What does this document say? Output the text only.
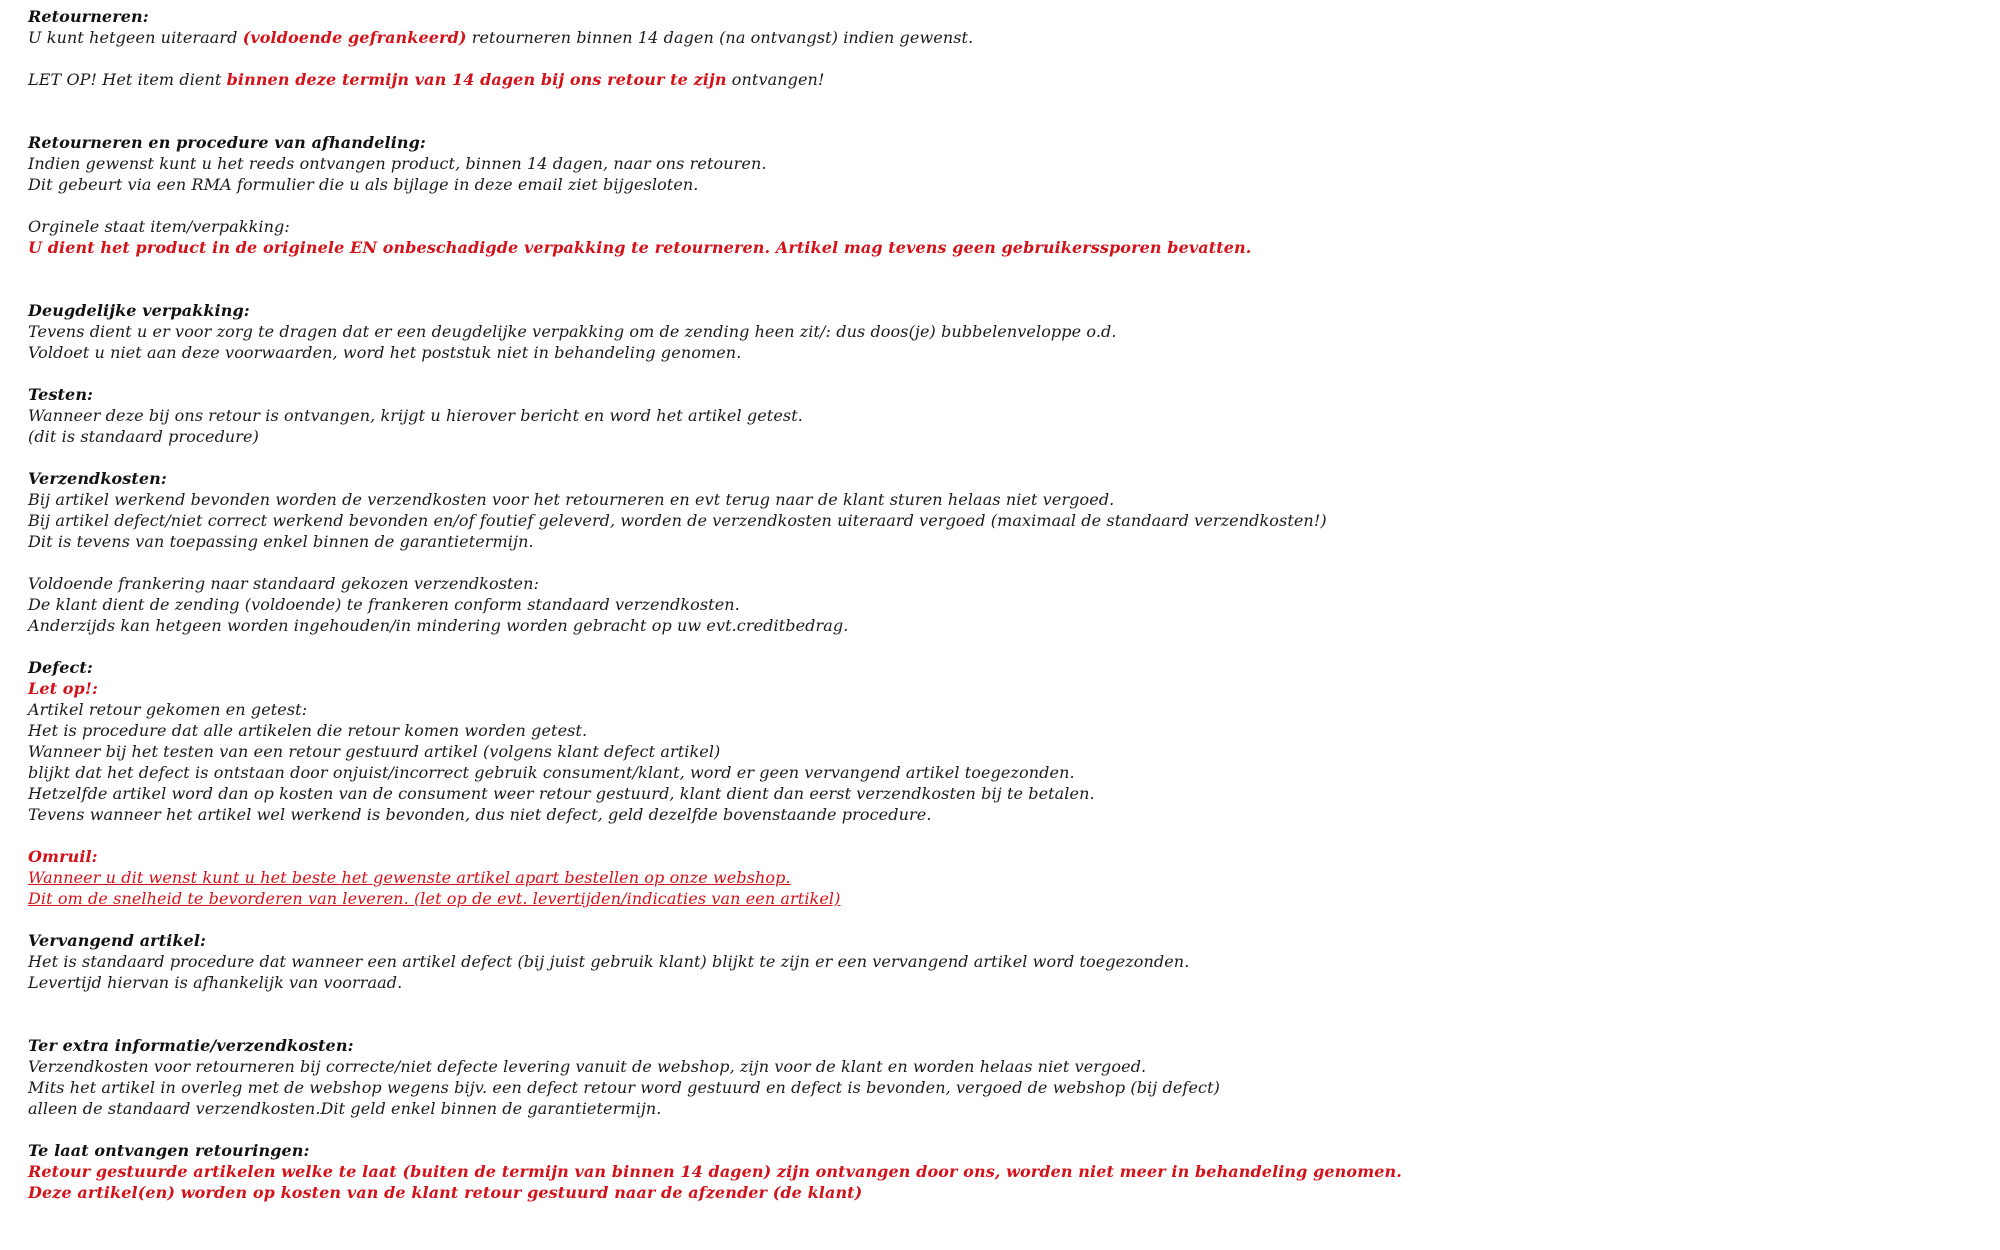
Retourneren:
U kunt hetgeen uiteraard (voldoende gefrankeerd) retourneren binnen 14 dagen (na ontvangst) indien gewenst.
LET OP! Het item dient binnen deze termijn van 14 dagen bij ons retour te zijn ontvangen!
Retourneren en procedure van afhandeling:
Indien gewenst kunt u het reeds ontvangen product, binnen 14 dagen, naar ons retouren.
Dit gebeurt via een RMA formulier die u als bijlage in deze email ziet bijgesloten.
Orginele staat item/verpakking:
U dient het product in de originele EN onbeschadigde verpakking te retourneren. Artikel mag tevens geen gebruikerssporen bevatten.
Deugdelijke verpakking:
Tevens dient u er voor zorg te dragen dat er een deugdelijke verpakking om de zending heen zit/: dus doos(je) bubbelenveloppe o.d.
Voldoet u niet aan deze voorwaarden, word het poststuk niet in behandeling genomen.
Testen:
Wanneer deze bij ons retour is ontvangen, krijgt u hierover bericht en word het artikel getest.
(dit is standaard procedure)
Verzendkosten:
Bij artikel werkend bevonden worden de verzendkosten voor het retourneren en evt terug naar de klant sturen helaas niet vergoed.
Bij artikel defect/niet correct werkend bevonden en/of foutief geleverd, worden de verzendkosten uiteraard vergoed (maximaal de standaard verzendkosten!)
Dit is tevens van toepassing enkel binnen de garantietermijn.
Voldoende frankering naar standaard gekozen verzendkosten:
De klant dient de zending (voldoende) te frankeren conform standaard verzendkosten.
Anderzijds kan hetgeen worden ingehouden/in mindering worden gebracht op uw evt.creditbedrag.
Defect:
Let op!:
Artikel retour gekomen en getest:
Het is procedure dat alle artikelen die retour komen worden getest.
Wanneer bij het testen van een retour gestuurd artikel (volgens klant defect artikel)
blijkt dat het defect is ontstaan door onjuist/incorrect gebruik consument/klant, word er geen vervangend artikel toegezonden.
Hetzelfde artikel word dan op kosten van de consument weer retour gestuurd, klant dient dan eerst verzendkosten bij te betalen.
Tevens wanneer het artikel wel werkend is bevonden, dus niet defect, geld dezelfde bovenstaande procedure.
Omruil:
Wanneer u dit wenst kunt u het beste het gewenste artikel apart bestellen op onze webshop.
Dit om de snelheid te bevorderen van leveren. (let op de evt. levertijden/indicaties van een artikel)
Vervangend artikel:
Het is standaard procedure dat wanneer een artikel defect (bij juist gebruik klant) blijkt te zijn er een vervangend artikel word toegezonden.
Levertijd hiervan is afhankelijk van voorraad.
Ter extra informatie/verzendkosten:
Verzendkosten voor retourneren bij correcte/niet defecte levering vanuit de webshop, zijn voor de klant en worden helaas niet vergoed.
Mits het artikel in overleg met de webshop wegens bijv. een defect retour word gestuurd en defect is bevonden, vergoed de webshop (bij defect)
alleen de standaard verzendkosten.Dit geld enkel binnen de garantietermijn.
Te laat ontvangen retouringen:
Retour gestuurde artikelen welke te laat (buiten de termijn van binnen 14 dagen) zijn ontvangen door ons, worden niet meer in behandeling genomen.
Deze artikel(en) worden op kosten van de klant retour gestuurd naar de afzender (de klant)
